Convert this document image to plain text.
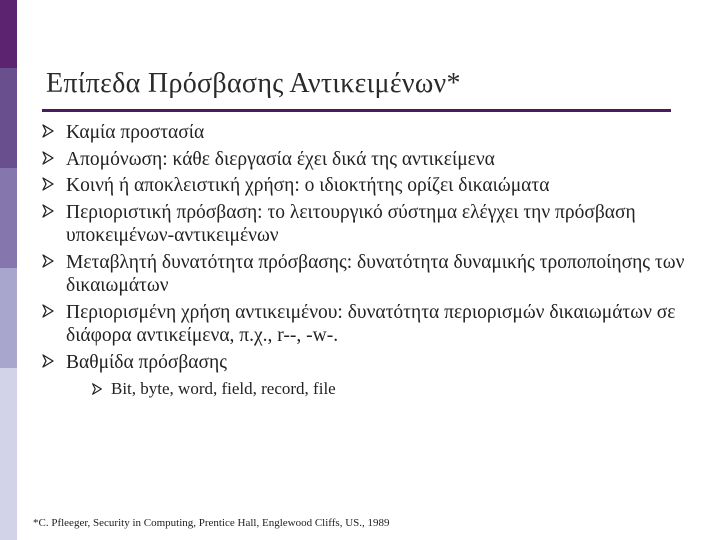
Επίπεδα Πρόσβασης Αντικειμένων*
Καμία προστασία
Απομόνωση: κάθε διεργασία έχει δικά της αντικείμενα
Κοινή ή αποκλειστική χρήση: ο ιδιοκτήτης ορίζει δικαιώματα
Περιοριστική πρόσβαση: το λειτουργικό σύστημα ελέγχει την πρόσβαση υποκειμένων-αντικειμένων
Μεταβλητή δυνατότητα πρόσβασης: δυνατότητα δυναμικής τροποποίησης των δικαιωμάτων
Περιορισμένη χρήση αντικειμένου: δυνατότητα περιορισμών δικαιωμάτων σε διάφορα αντικείμενα, π.χ., r--, -w-.
Βαθμίδα πρόσβασης
Bit, byte, word, field, record, file
*C. Pfleeger, Security in Computing, Prentice Hall, Englewood Cliffs, US., 1989
